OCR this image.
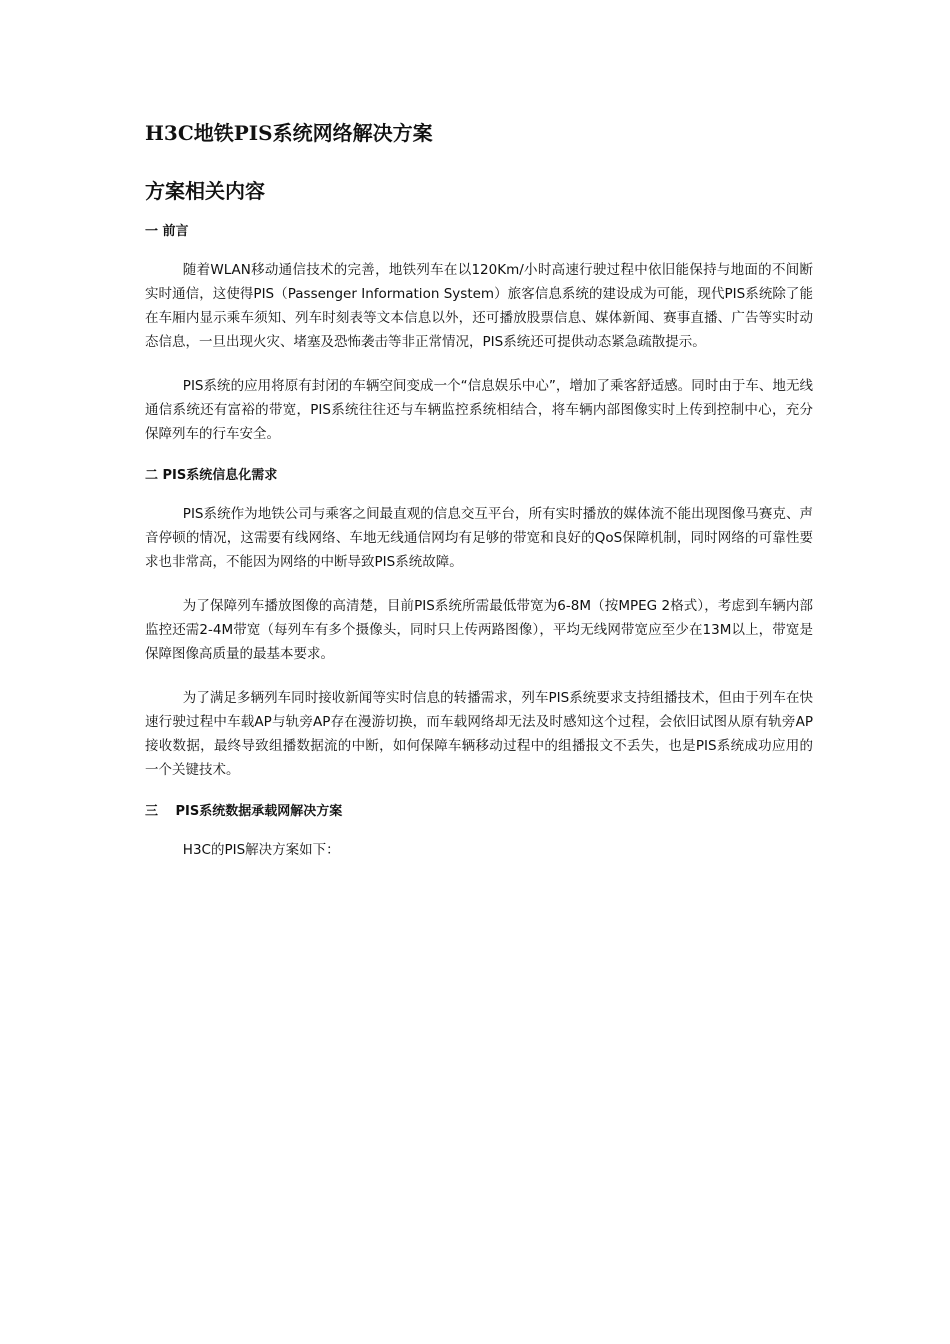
H3C地铁PIS系统网络解决方案
方案相关内容
一 前言

随着WLAN移动通信技术的完善，地铁列车在以120Km/小时高速行驶过程中依旧能保持与地面的不间断实时通信，这使得PIS（Passenger Information System）旅客信息系统的建设成为可能，现代PIS系统除了能在车厢内显示乘车须知、列车时刻表等文本信息以外，还可播放股票信息、媒体新闻、赛事直播、广告等实时动态信息，一旦出现火灾、堵塞及恐怖袭击等非正常情况，PIS系统还可提供动态紧急疏散提示。

PIS系统的应用将原有封闭的车辆空间变成一个“信息娱乐中心”，增加了乘客舒适感。同时由于车、地无线通信系统还有富裕的带宽，PIS系统往往还与车辆监控系统相结合，将车辆内部图像实时上传到控制中心，充分保障列车的行车安全。

二 PIS系统信息化需求

PIS系统作为地铁公司与乘客之间最直观的信息交互平台，所有实时播放的媒体流不能出现图像马赛克、声音停顿的情况，这需要有线网络、车地无线通信网均有足够的带宽和良好的QoS保障机制，同时网络的可靠性要求也非常高，不能因为网络的中断导致PIS系统故障。

为了保障列车播放图像的高清楚，目前PIS系统所需最低带宽为6-8M（按MPEG 2格式），考虑到车辆内部监控还需2-4M带宽（每列车有多个摄像头，同时只上传两路图像），平均无线网带宽应至少在13M以上，带宽是保障图像高质量的最基本要求。

为了满足多辆列车同时接收新闻等实时信息的转播需求，列车PIS系统要求支持组播技术，但由于列车在快速行驶过程中车载AP与轨旁AP存在漫游切换，而车载网络却无法及时感知这个过程，会依旧试图从原有轨旁AP接收数据，最终导致组播数据流的中断，如何保障车辆移动过程中的组播报文不丢失，也是PIS系统成功应用的一个关键技术。

三　 PIS系统数据承载网解决方案

H3C的PIS解决方案如下：
